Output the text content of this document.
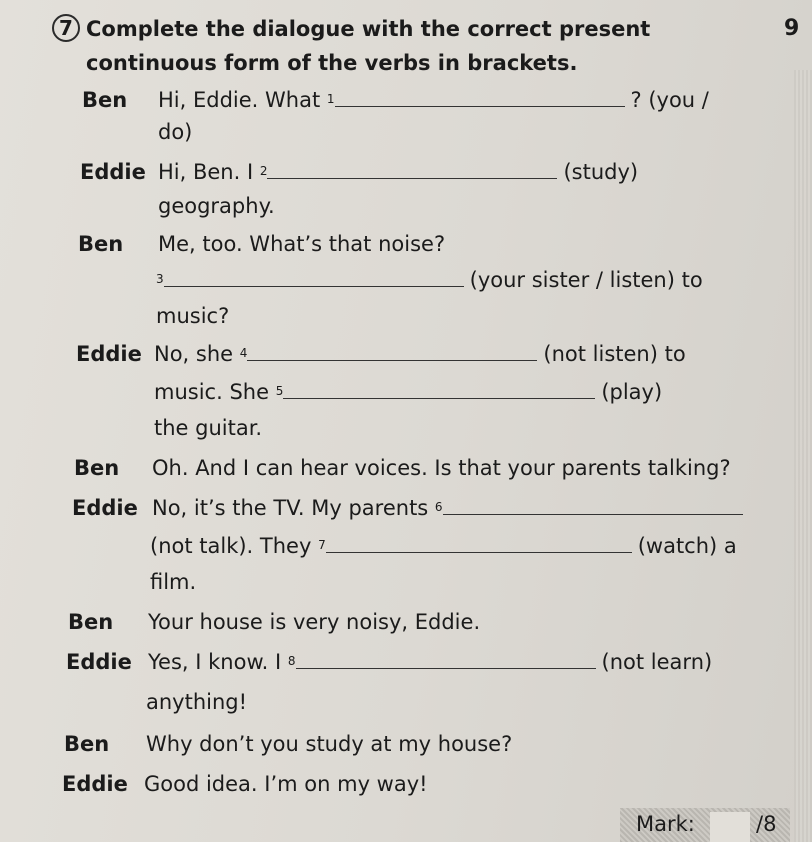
7 Complete the dialogue with the correct present continuous form of the verbs in brackets.
9
Ben Hi, Eddie. What $^1$	? (you /
do)
Eddie Hi, Ben. I $^2$	(study)
geography.
Ben Me, too. What’s that noise?
$^3$	(your sister / listen) to
music?
Eddie No, she $^4$	(not listen) to
music. She $^5$	(play)
the guitar.
Ben Oh. And I can hear voices. Is that your parents talking?
Eddie No, it’s the TV. My parents $^6$
(not talk). They $^7$	(watch) a
film.
Ben Your house is very noisy, Eddie.
Eddie Yes, I know. I $^8$	(not learn)
anything!
Ben Why don’t you study at my house?
Eddie Good idea. I’m on my way!
Mark:	/8
